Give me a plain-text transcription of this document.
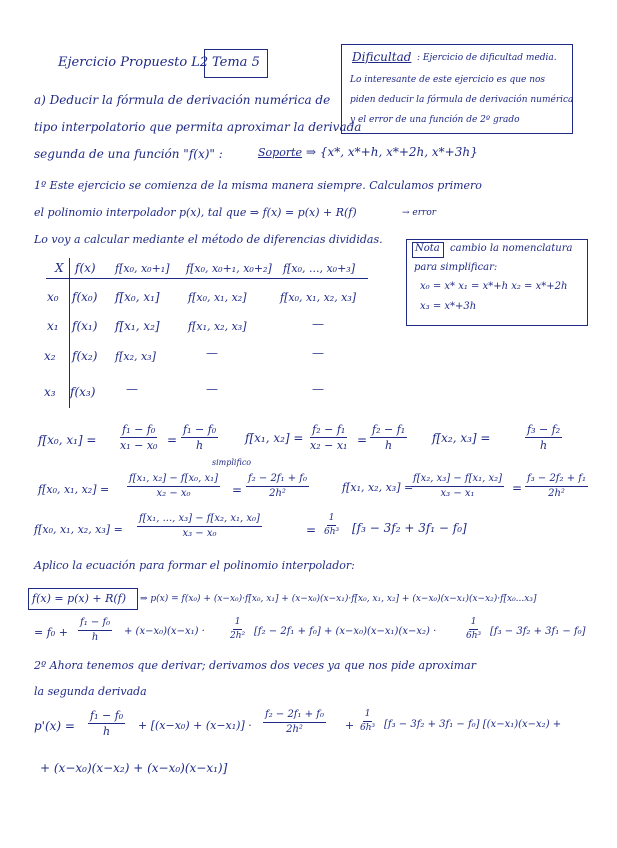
Ejercicio Propuesto L2 Tema 5	Dificultad : Ejercicio de dificultad media.
Lo interesante de este ejercicio es que nos
piden deducir la fórmula de derivación numérica
y el error de una función de 2º grado
a) Deducir la fórmula de derivación numérica de
tipo interpolatorio que permita aproximar la derivada
segunda de una función "f(x)" :	Soporte ⇒ {x*, x*+h, x*+2h, x*+3h}
1º Este ejercicio se comienza de la misma manera siempre. Calculamos primero
el polinomio interpolador p(x), tal que ⇒ f(x) = p(x) + R(f)	→ error
Lo voy a calcular mediante el método de diferencias divididas.
Nota cambio la nomenclatura
para simplificar:
x₀ = x* x₁ = x*+h x₂ = x*+2h
x₃ = x*+3h
X f(x) f[x₀, x₀+₁] f[x₀, x₀+₁, x₀+₂] f[x₀, ..., x₀+₃]
x₀ f(x₀) f[x₀, x₁]	f[x₀, x₁, x₂]	f[x₀, x₁, x₂, x₃]
x₁ f(x₁) f[x₁, x₂]	f[x₁, x₂, x₃]	—
x₂ f(x₂) f[x₂, x₃]	—	—
x₃ f(x₃)	—	—	—
f[x₀, $x_1] = \frac{\text{f₁ − f₀}}{\text{x₁ − x₀}} = \frac{\text{f₁ − f₀}}{h} f[x_1$, $x_2] = \frac{\text{f₂ − f₁}}{\text{x₂ − x₁}} = \frac{\text{f₂ − f₁}}{h} f[x_2$, x₃] =	$\frac{\text{f₃ − f₂}}{h}$
simplifico
f[x₀, x₁, $x_2] = \frac{\text{f[x₁, x₂] − f[x₀, x₁]}}{\text{x₂ − x₀}} = \frac{\text{f₂ − 2f₁ + f₀}}{\text{2h²}}$	f[x₁, x₂, x₃] =
$\frac{\text{f[x₂, x₃] − f[x₁, x₂]}}{\text{x₃ − x₁}} = \frac{\text{f₃ − 2f₂ + f₁}}{\text{2h²}}$
f[x₀, x₁, x₂, $x_3] = \frac{\text{f[x₁, ..., x₃] − f[x₂, x₁, x₀]}}{\text{x₃ − x₀}}$	= $\frac{1}{\text{6h³}} [f_3 - 3f_2 + 3f_1 - f_0]$
Aplico la ecuación para formar el polinomio interpolador:
f(x) = p(x) + R(f) ⇒ p(x) = f(x₀) + (x−x₀)·f[x₀, x₁] + (x−x₀)(x−x₁)·f[x₀, x₁, x₂] + (x−x₀)(x−x₁)(x−x₂)·f[x₀...x₃]
= $f_0 + \frac{\text{f₁ − f₀}}{h} + (x-x_0)(x-x_1)$ ·	$\frac{1}{\text{2h²}} [f_2 - 2f_1 + f_0] + (x-x_0)(x-x_1)(x-x_2)$ ·	$\frac{1}{\text{6h³}} [f_3 - 3f_2 + 3f_1 - f_0]$
2º Ahora tenemos que derivar; derivamos dos veces ya que nos pide aproximar
la segunda derivada
$p'(x) = \frac{\text{f₁ − f₀}}{h} + [(x-x_0) + (x-x_1)] \cdot \frac{\text{f₂ − 2f₁ + f₀}}{\text{2h²}} + \frac{1}{\text{6h³}} [f_3 - 3f_2 + 3f_1 - f_0] [(x-x_1)(x-x_2)$ +
+ (x−x₀)(x−x₂) + (x−x₀)(x−x₁)]
